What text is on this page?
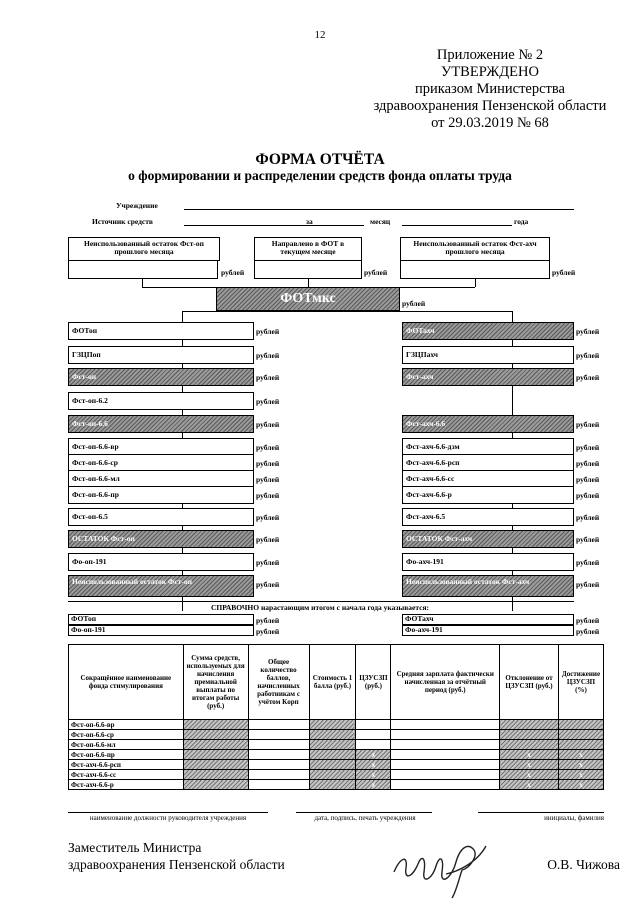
12
Приложение № 2
УТВЕРЖДЕНО
приказом Министерства
здравоохранения Пензенской области
от 29.03.2019 № 68
ФОРМА ОТЧЁТА
о формировании и распределении средств фонда оплаты труда
Учреждение
Источник средств	за	месяц	года
Неиспользованный остаток Фст-оп прошлого месяца
рублей
Направлено в ФОТ в текущем месяце
рублей
Неиспользованный остаток Фст-ахч прошлого месяца
рублей
ФОТмкс	рублей
ФОТоп	рублей
ГЗЦПоп	рублей
Фст-оп	рублей
Фст-оп-6.2	рублей
Фст-оп-6.6	рублей
Фст-оп-6.6-вр	рублей
Фст-оп-6.6-ср	рублей
Фст-оп-6.6-мл	рублей
Фст-оп-6.6-пр	рублей
Фст-оп-6.5	рублей
ОСТАТОК Фст-оп	рублей
Фо-оп-191	рублей
Неиспользованный остаток Фст-оп	рублей
ФОТахч	рублей
ГЗЦПахч	рублей
Фст-ахч	рублей
Фст-ахч-6.6	рублей
Фст-ахч-6.6-дзм	рублей
Фст-ахч-6.6-рсп	рублей
Фст-ахч-6.6-сс	рублей
Фст-ахч-6.6-р	рублей
Фст-ахч-6.5	рублей
ОСТАТОК Фст-ахч	рублей
Фо-ахч-191	рублей
Неиспользованный остаток Фст-ахч	рублей
СПРАВОЧНО нарастающим итогом с начала года указывается:
ФОТоп	рублей
Фо-оп-191	рублей
ФОТахч	рублей
Фо-ахч-191	рублей
Сокращённое наименование фонда стимулирования	Сумма средств, используемых для начисления премиальной выплаты по итогам работы (руб.)	Общее количество баллов, начисленных работникам с учётом Кopп	Стоимость 1 балла (руб.)	ЦЗУСЗП (руб.)	Средняя зарплата фактически начисленная за отчётный период (руб.)	Отклонение от ЦЗУСЗП (руб.)	Достижение ЦЗУСЗП (%)
Фст-оп-6.6-вр							
Фст-оп-6.6-ср							
Фст-оп-6.6-мл							
Фст-оп-6.6-пр				x		x	x
Фст-ахч-6.6-рсп				x		x	x
Фст-ахч-6.6-сс				x		x	x
Фст-ахч-6.6-р				x		x	x
наименование должности руководителя учреждения	дата, подпись, печать учреждения	инициалы, фамилия
Заместитель Министра
здравоохранения Пензенской области	О.В. Чижова
